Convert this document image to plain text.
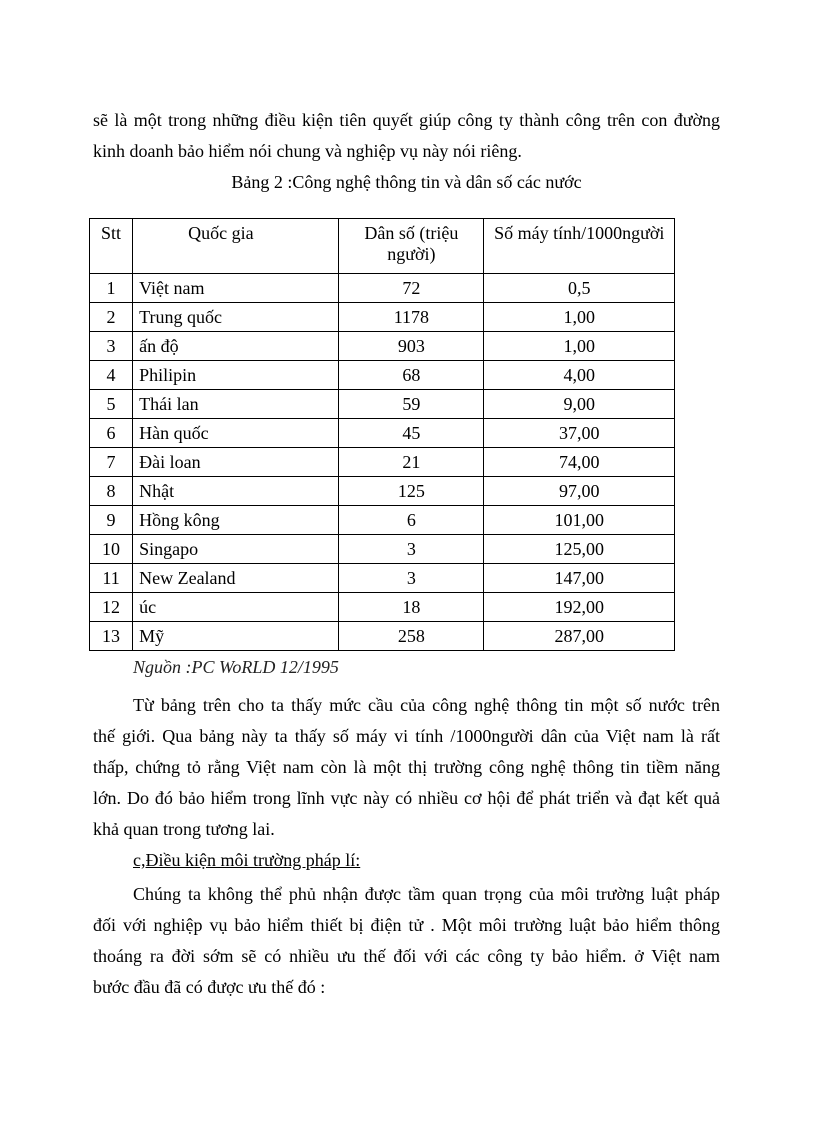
sẽ là một trong những điều kiện tiên quyết giúp công ty thành công trên con đường
kinh doanh bảo hiểm nói chung và nghiệp vụ này nói riêng.
Bảng 2 :Công nghệ thông tin và dân số các nước
Stt	Quốc gia	Dân số (triệu người)	Số máy tính/1000người
1	Việt nam	72	0,5
2	Trung quốc	1178	1,00
3	ấn độ	903	1,00
4	Philipin	68	4,00
5	Thái lan	59	9,00
6	Hàn quốc	45	37,00
7	Đài loan	21	74,00
8	Nhật	125	97,00
9	Hồng kông	6	101,00
10	Singapo	3	125,00
11	New Zealand	3	147,00
12	úc	18	192,00
13	Mỹ	258	287,00
Nguồn :PC WoRLD 12/1995
Từ bảng trên cho ta thấy mức cầu của công nghệ thông tin một số nước trên
thế giới. Qua bảng này ta thấy số máy vi tính /1000người dân của Việt nam là rất
thấp, chứng tỏ rằng Việt nam còn là một thị trường công nghệ thông tin tiềm năng
lớn. Do đó bảo hiểm trong lĩnh vực này có nhiều cơ hội để phát triển và đạt kết quả
khả quan trong tương lai.
c,Điều kiện môi trường pháp lí:
Chúng ta không thể phủ nhận được tầm quan trọng của môi trường luật pháp
đối với nghiệp vụ bảo hiểm thiết bị điện tử . Một môi trường luật bảo hiểm thông
thoáng ra đời sớm sẽ có nhiều ưu thế đối với các công ty bảo hiểm. ở Việt nam
bước đầu đã có được ưu thế đó :
